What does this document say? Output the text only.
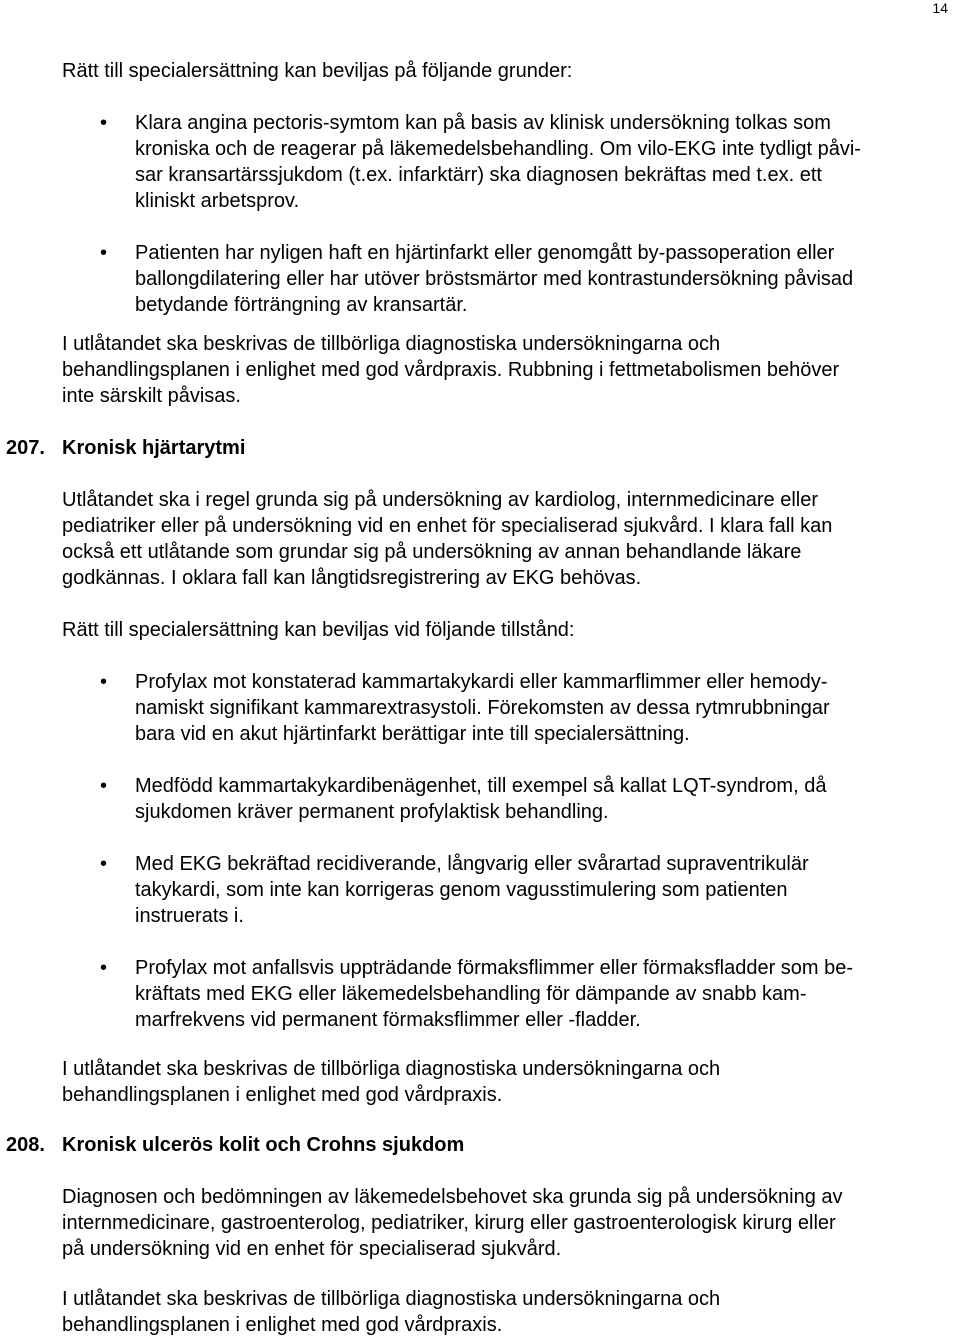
14

Rätt till specialersättning kan beviljas på följande grunder:

• Klara angina pectoris-symtom kan på basis av klinisk undersökning tolkas som
kroniska och de reagerar på läkemedelsbehandling. Om vilo-EKG inte tydligt påvi-
sar kransartärssjukdom (t.ex. infarktärr) ska diagnosen bekräftas med t.ex. ett
kliniskt arbetsprov.
• Patienten har nyligen haft en hjärtinfarkt eller genomgått by-passoperation eller
ballongdilatering eller har utöver bröstsmärtor med kontrastundersökning påvisad
betydande förträngning av kransartär.

I utlåtandet ska beskrivas de tillbörliga diagnostiska undersökningarna och
behandlingsplanen i enlighet med god vårdpraxis. Rubbning i fettmetabolismen behöver
inte särskilt påvisas.

207. Kronisk hjärtarytmi

Utlåtandet ska i regel grunda sig på undersökning av kardiolog, internmedicinare eller
pediatriker eller på undersökning vid en enhet för specialiserad sjukvård. I klara fall kan
också ett utlåtande som grundar sig på undersökning av annan behandlande läkare
godkännas. I oklara fall kan långtidsregistrering av EKG behövas.

Rätt till specialersättning kan beviljas vid följande tillstånd:

• Profylax mot konstaterad kammartakykardi eller kammarflimmer eller hemody-
namiskt signifikant kammarextrasystoli. Förekomsten av dessa rytmrubbningar
bara vid en akut hjärtinfarkt berättigar inte till specialersättning.
• Medfödd kammartakykardibenägenhet, till exempel så kallat LQT-syndrom, då
sjukdomen kräver permanent profylaktisk behandling.
• Med EKG bekräftad recidiverande, långvarig eller svårartad supraventrikulär
takykardi, som inte kan korrigeras genom vagusstimulering som patienten
instruerats i.
• Profylax mot anfallsvis uppträdande förmaksflimmer eller förmaksfladder som be-
kräftats med EKG eller läkemedelsbehandling för dämpande av snabb kam-
marfrekvens vid permanent förmaksflimmer eller -fladder.

I utlåtandet ska beskrivas de tillbörliga diagnostiska undersökningarna och
behandlingsplanen i enlighet med god vårdpraxis.

208. Kronisk ulcerös kolit och Crohns sjukdom

Diagnosen och bedömningen av läkemedelsbehovet ska grunda sig på undersökning av
internmedicinare, gastroenterolog, pediatriker, kirurg eller gastroenterologisk kirurg eller
på undersökning vid en enhet för specialiserad sjukvård.

I utlåtandet ska beskrivas de tillbörliga diagnostiska undersökningarna och
behandlingsplanen i enlighet med god vårdpraxis.
